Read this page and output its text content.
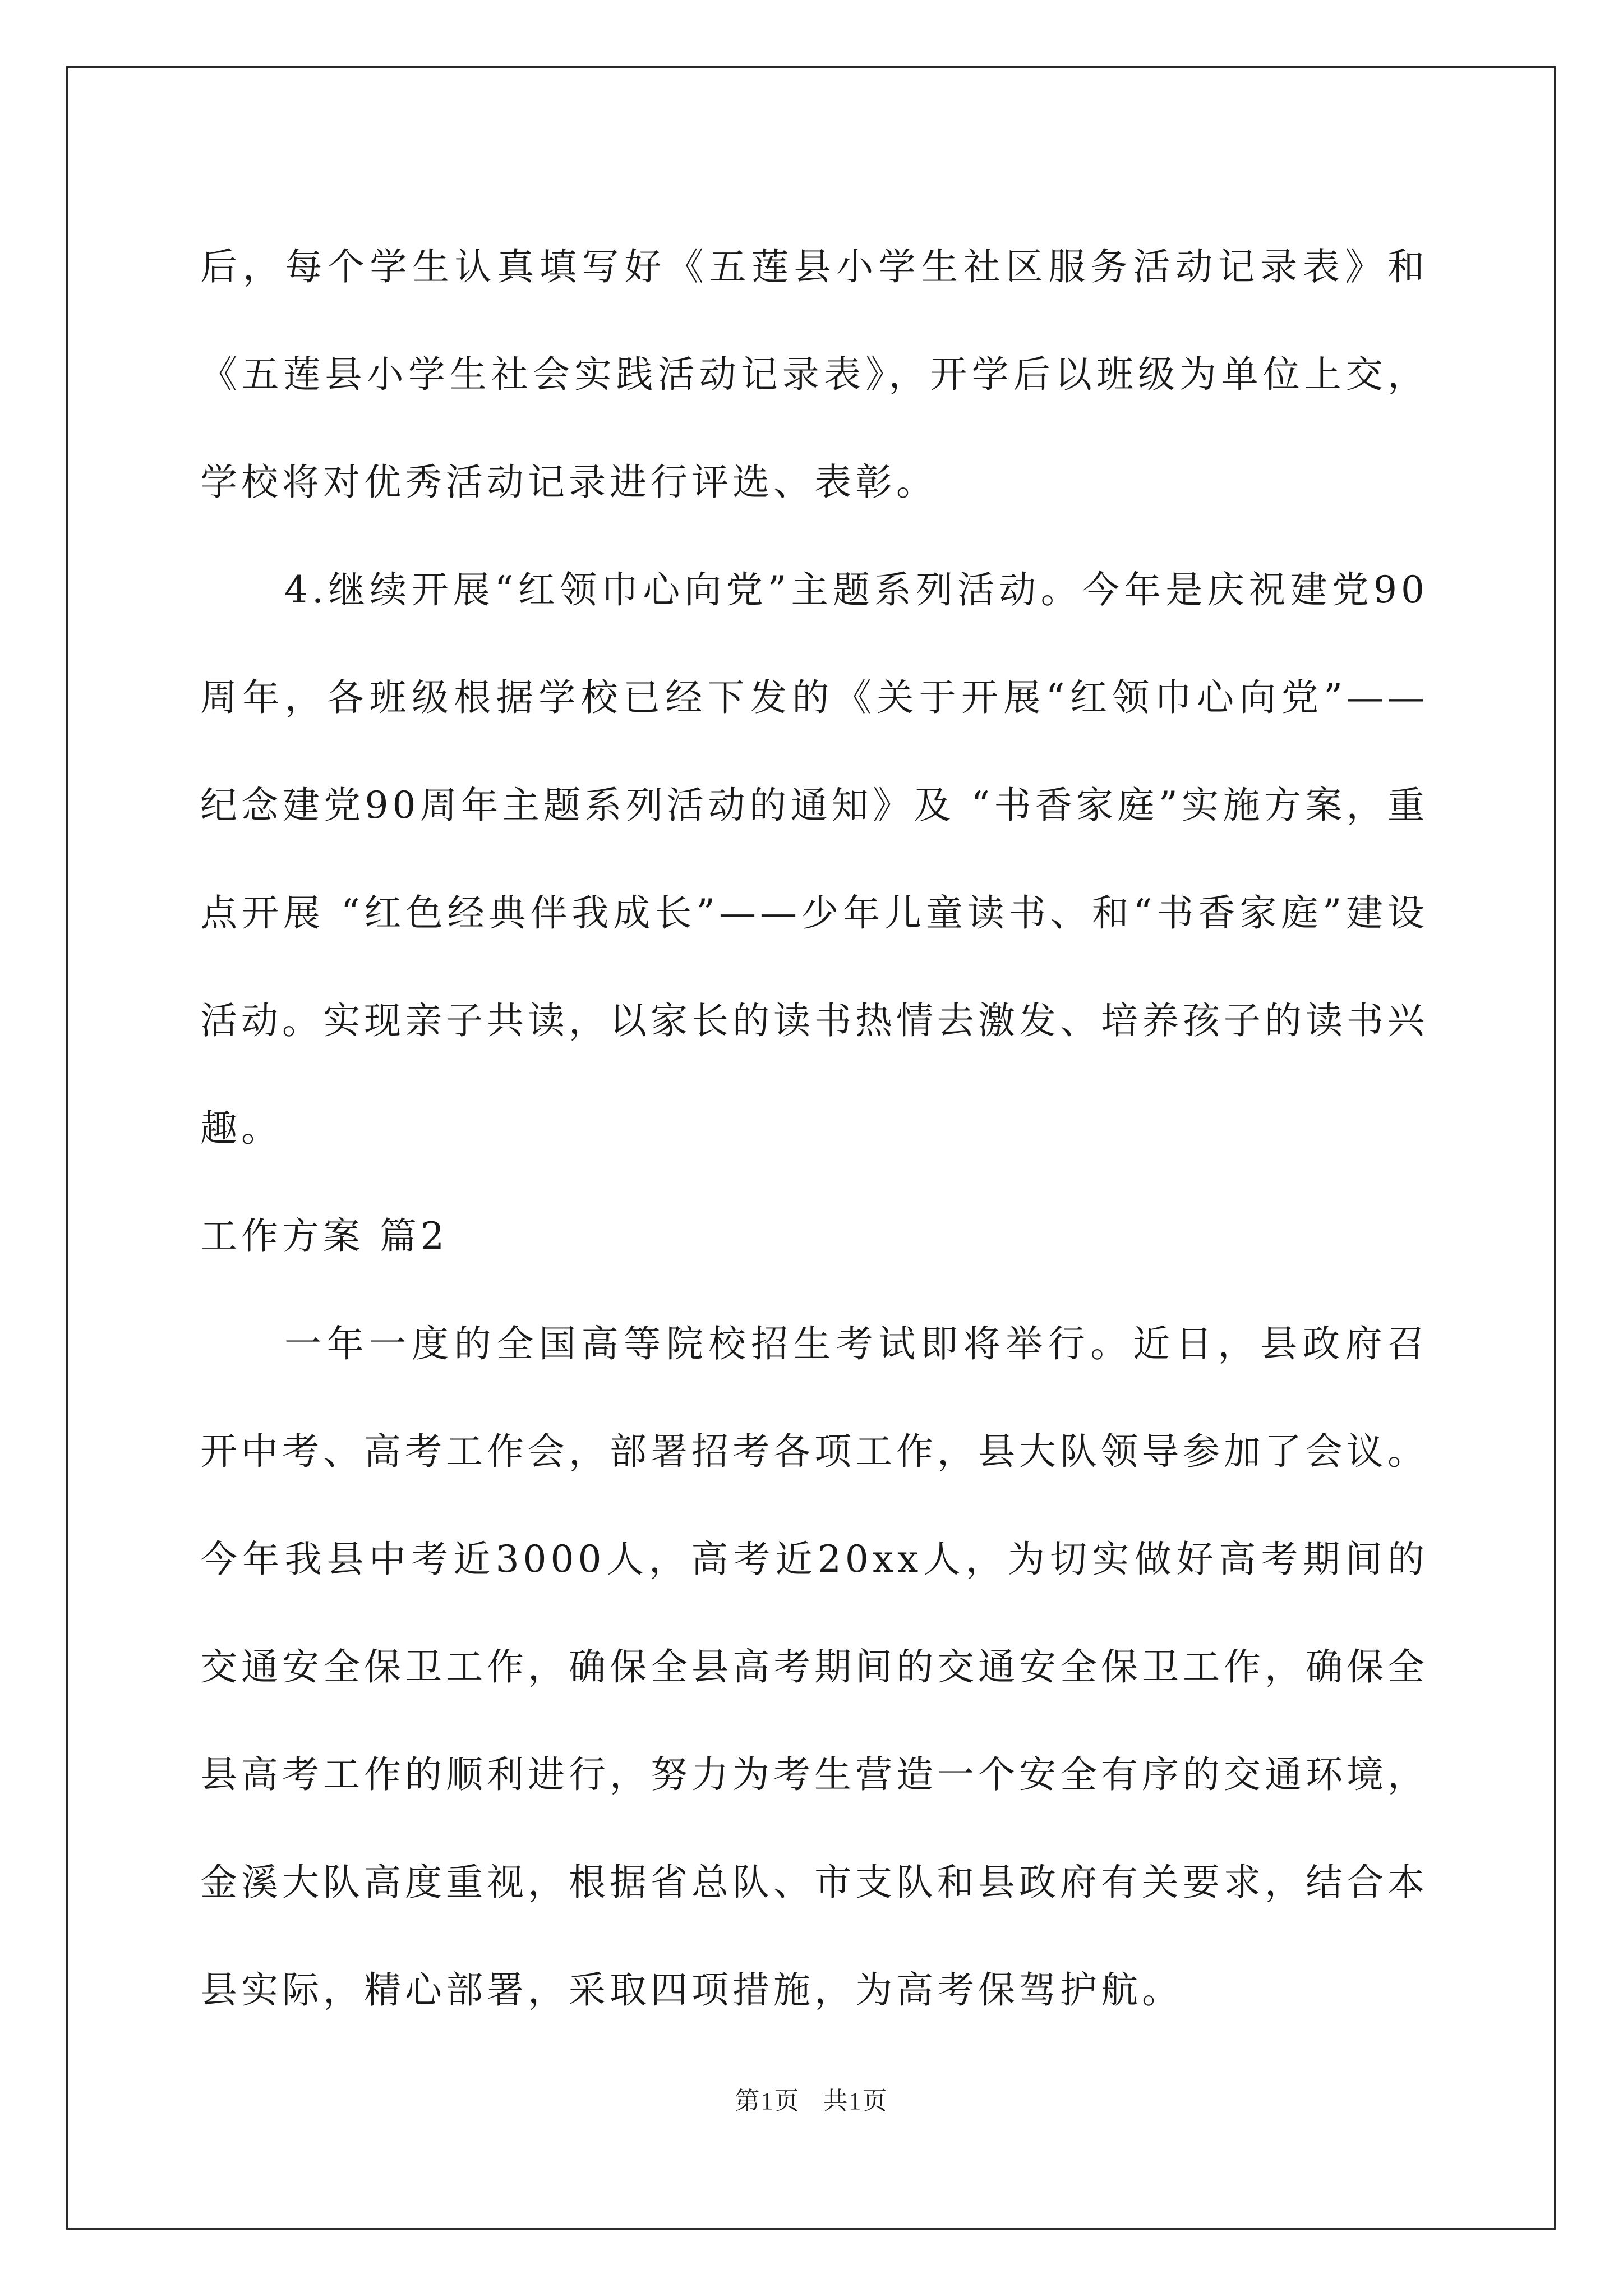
后，每个学生认真填写好《五莲县小学生社区服务活动记录表》和《五莲县小学生社会实践活动记录表》，开学后以班级为单位上交，学校将对优秀活动记录进行评选、表彰。

4.继续开展“红领巾心向党”主题系列活动。今年是庆祝建党90周年，各班级根据学校已经下发的《关于开展“红领巾心向党”——纪念建党90周年主题系列活动的通知》及 “书香家庭”实施方案，重点开展 “红色经典伴我成长”——少年儿童读书、和“书香家庭”建设活动。实现亲子共读，以家长的读书热情去激发、培养孩子的读书兴趣。

工作方案 篇2

一年一度的全国高等院校招生考试即将举行。近日，县政府召开中考、高考工作会，部署招考各项工作，县大队领导参加了会议。今年我县中考近3000人，高考近20xx人，为切实做好高考期间的交通安全保卫工作，确保全县高考期间的交通安全保卫工作，确保全县高考工作的顺利进行，努力为考生营造一个安全有序的交通环境，金溪大队高度重视，根据省总队、市支队和县政府有关要求，结合本县实际，精心部署，采取四项措施，为高考保驾护航。

第1页 共1页
